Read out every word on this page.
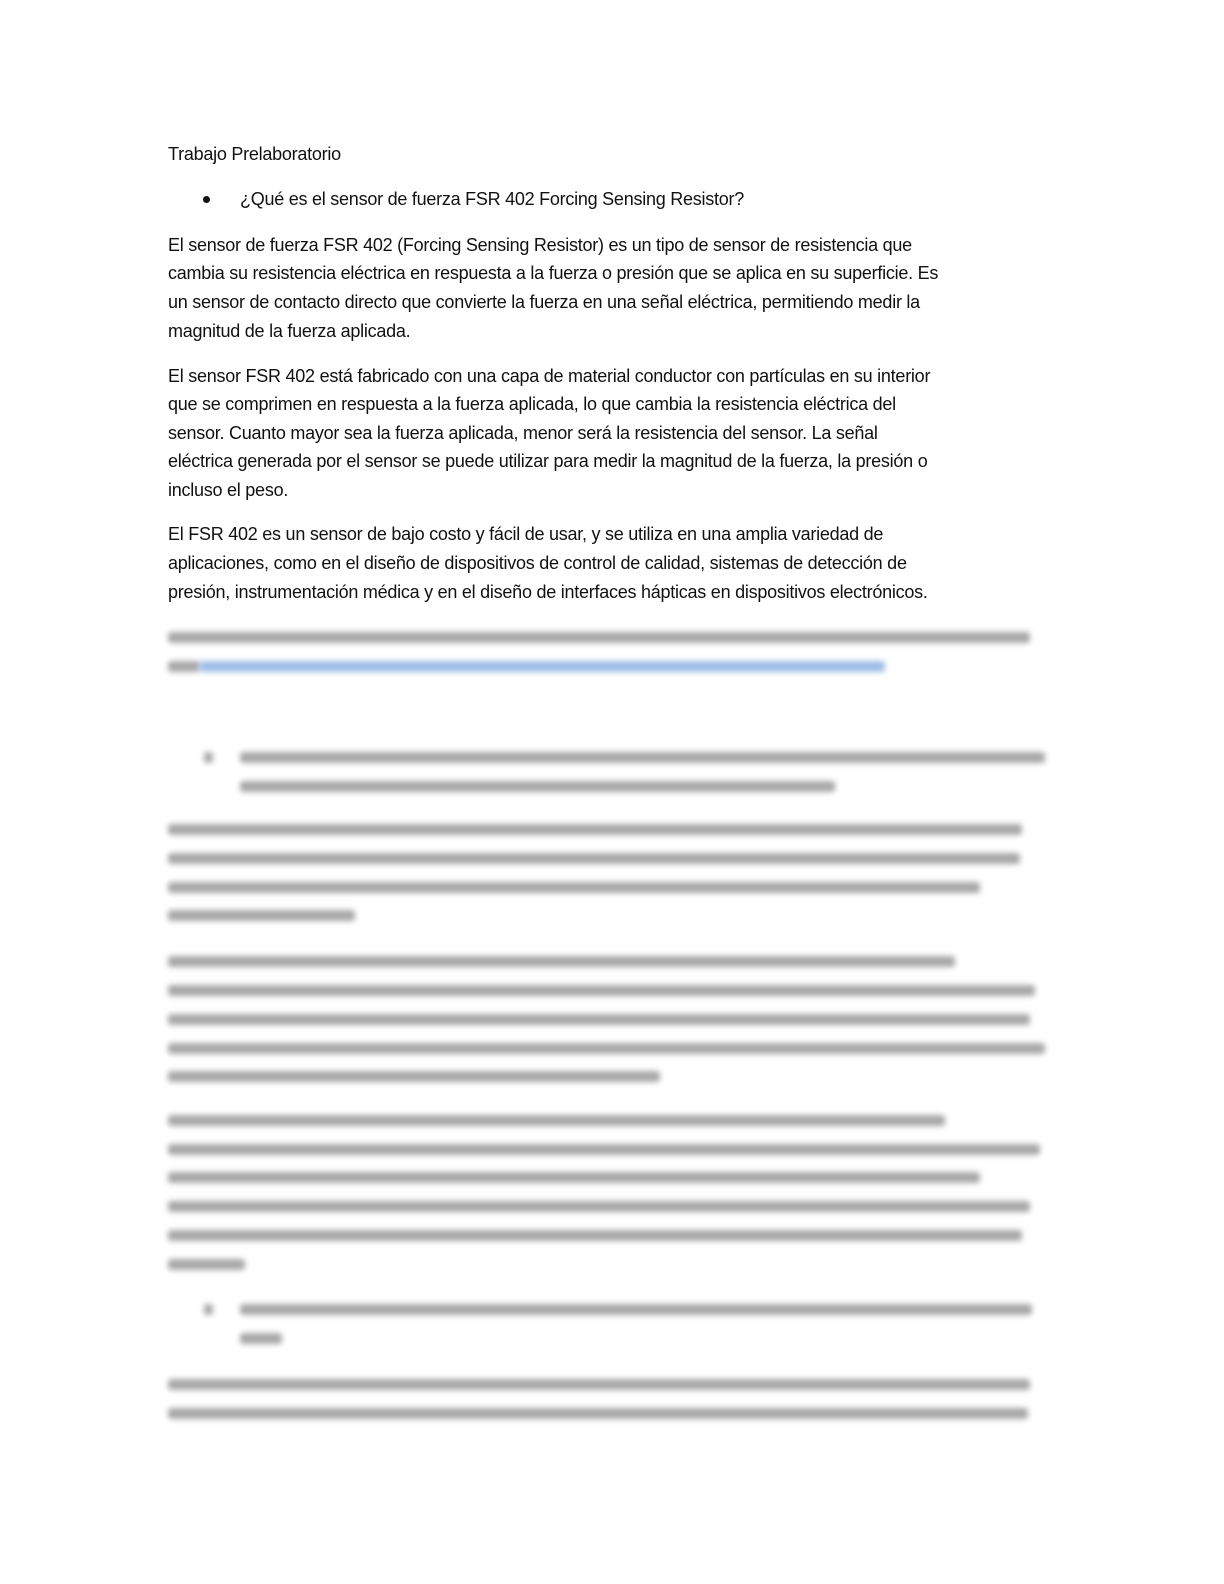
Trabajo Prelaboratorio
¿Qué es el sensor de fuerza FSR 402 Forcing Sensing Resistor?
El sensor de fuerza FSR 402 (Forcing Sensing Resistor) es un tipo de sensor de resistencia que
cambia su resistencia eléctrica en respuesta a la fuerza o presión que se aplica en su superficie. Es
un sensor de contacto directo que convierte la fuerza en una señal eléctrica, permitiendo medir la
magnitud de la fuerza aplicada.
El sensor FSR 402 está fabricado con una capa de material conductor con partículas en su interior
que se comprimen en respuesta a la fuerza aplicada, lo que cambia la resistencia eléctrica del
sensor. Cuanto mayor sea la fuerza aplicada, menor será la resistencia del sensor. La señal
eléctrica generada por el sensor se puede utilizar para medir la magnitud de la fuerza, la presión o
incluso el peso.
El FSR 402 es un sensor de bajo costo y fácil de usar, y se utiliza en una amplia variedad de
aplicaciones, como en el diseño de dispositivos de control de calidad, sistemas de detección de
presión, instrumentación médica y en el diseño de interfaces hápticas en dispositivos electrónicos.
